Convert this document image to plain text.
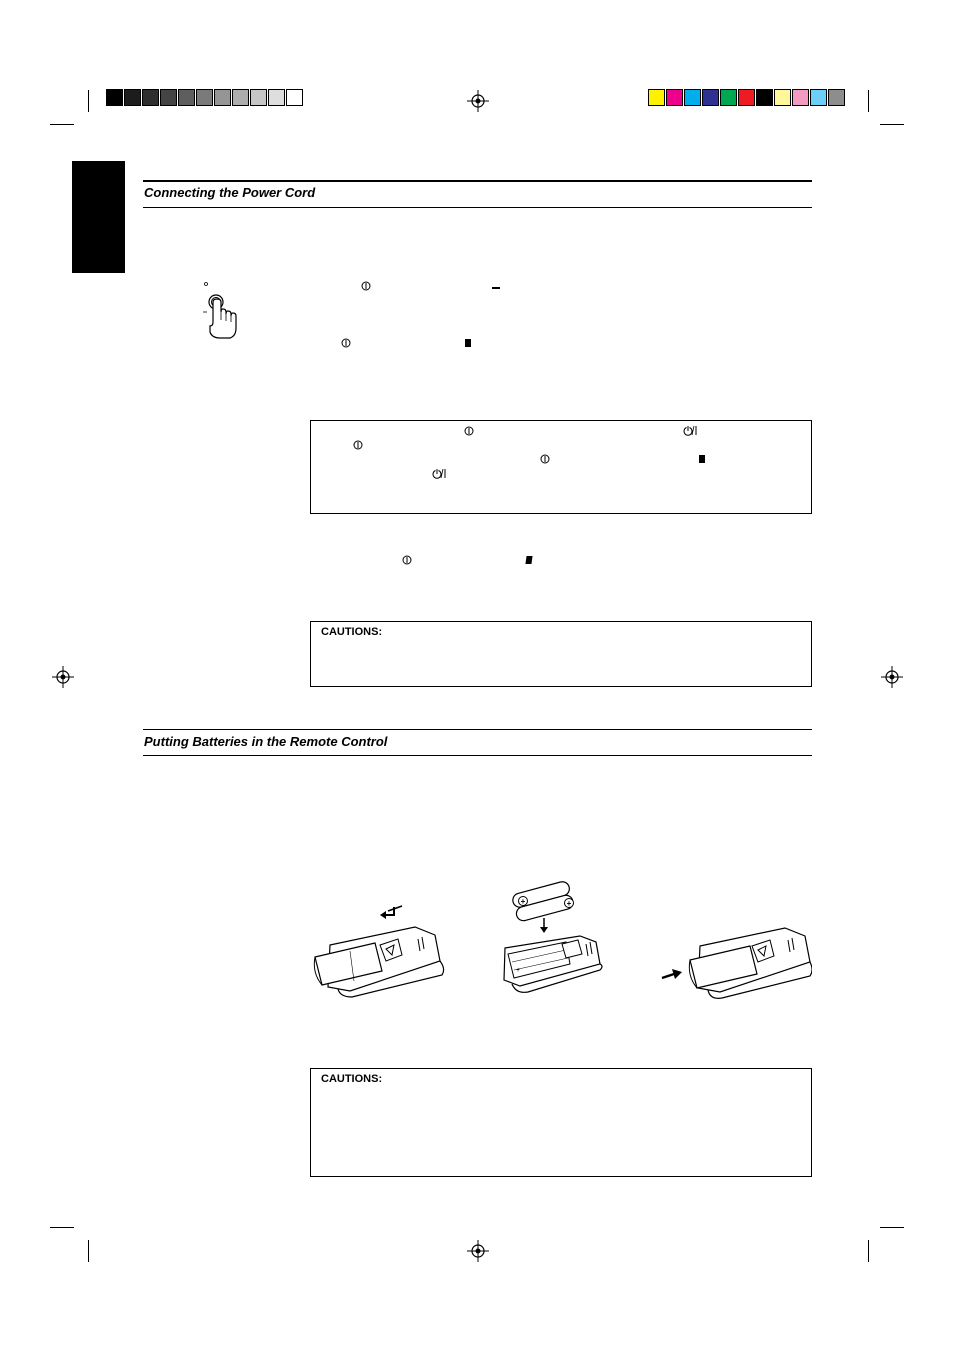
Connecting the Power Cord
CAUTIONS:
Putting Batteries in the Remote Control
+	+
+
CAUTIONS:
